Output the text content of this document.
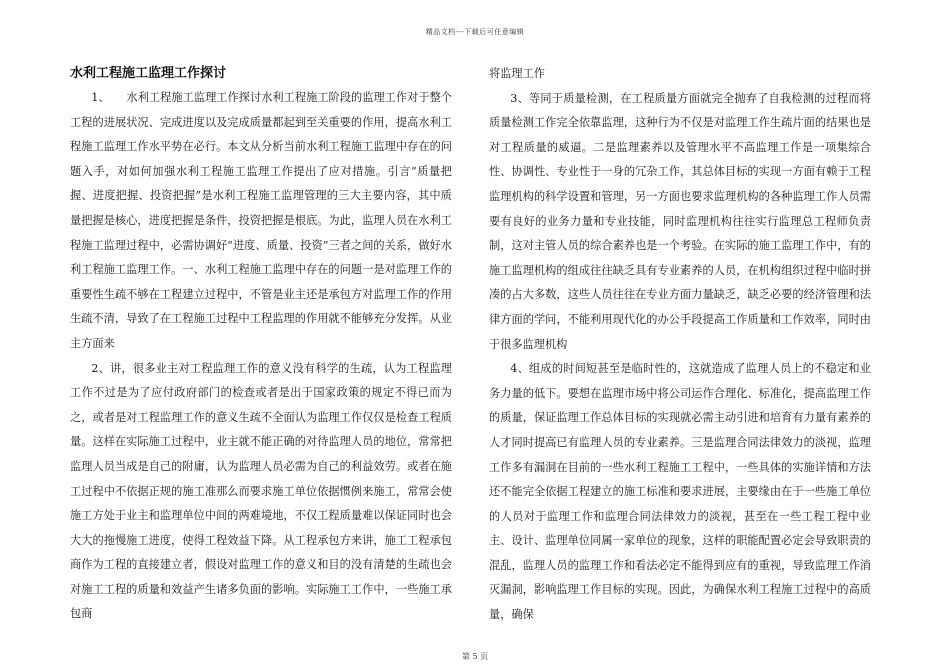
精品文档---下载后可任意编辑
水利工程施工监理工作探讨

1、　　水利工程施工监理工作探讨水利工程施工阶段的监理工作对于整个工程的进展状况、完成进度以及完成质量都起到至关重要的作用，提高水利工程施工监理工作水平势在必行。本文从分析当前水利工程施工监理中存在的问题入手，对如何加强水利工程施工监理工作提出了应对措施。引言“质量把握、进度把握、投资把握”是水利工程施工监理管理的三大主要内容，其中质量把握是核心，进度把握是条件，投资把握是根底。为此，监理人员在水利工程施工监理过程中，必需协调好“进度、质量、投资”三者之间的关系，做好水利工程施工监理工作。一、水利工程施工监理中存在的问题一是对监理工作的重要性生疏不够在工程建立过程中，不管是业主还是承包方对监理工作的作用生疏不清，导致了在工程施工过程中工程监理的作用就不能够充分发挥。从业主方面来

2、讲，很多业主对工程监理工作的意义没有科学的生疏，认为工程监理工作不过是为了应付政府部门的检查或者是出于国家政策的规定不得已而为之，或者是对工程监理工作的意义生疏不全面认为监理工作仅仅是检查工程质量。这样在实际施工过程中，业主就不能正确的对待监理人员的地位，常常把监理人员当成是自己的附庸，认为监理人员必需为自己的利益效劳。或者在施工过程中不依据正规的施工准那么而要求施工单位依据惯例来施工，常常会使施工方处于业主和监理单位中间的两难境地，不仅工程质量难以保证同时也会大大的拖慢施工进度，使得工程效益下降。从工程承包方来讲，施工工程承包商作为工程的直接建立者，假设对监理工作的意义和目的没有清楚的生疏也会对施工工程的质量和效益产生诸多负面的影响。实际施工工作中，一些施工承包商

将监理工作

3、等同于质量检测，在工程质量方面就完全抛弃了自我检测的过程而将质量检测工作完全依靠监理，这种行为不仅是对监理工作生疏片面的结果也是对工程质量的威逼。二是监理素养以及管理水平不高监理工作是一项集综合性、协调性、专业性于一身的冗杂工作，其总体目标的实现一方面有赖于工程监理机构的科学设置和管理，另一方面也要求监理机构的各种监理工作人员需要有良好的业务力量和专业技能，同时监理机构往往实行监理总工程师负责制，这对主管人员的综合素养也是一个考验。在实际的施工监理工作中，有的施工监理机构的组成往往缺乏具有专业素养的人员，在机构组织过程中临时拼凑的占大多数，这些人员往往在专业方面力量缺乏，缺乏必要的经济管理和法律方面的学问，不能利用现代化的办公手段提高工作质量和工作效率，同时由于很多监理机构

4、组成的时间短甚至是临时性的，这就造成了监理人员上的不稳定和业务力量的低下。要想在监理市场中将公司运作合理化、标准化，提高监理工作的质量，保证监理工作总体目标的实现就必需主动引进和培育有力量有素养的人才同时提高已有监理人员的专业素养。三是监理合同法律效力的淡视，监理工作多有漏洞在目前的一些水利工程施工工程中，一些具体的实施详情和方法还不能完全依据工程建立的施工标准和要求进展，主要缘由在于一些施工单位的人员对于监理工作和监理合同法律效力的淡视，甚至在一些工程工程中业主、设计、监理单位同属一家单位的现象，这样的职能配置必定会导致职责的混乱，监理人员的监理工作和看法必定不能得到应有的重视，导致监理工作消灭漏洞，影响监理工作目标的实现。因此，为确保水利工程施工过程中的高质量，确保

第 5 页
